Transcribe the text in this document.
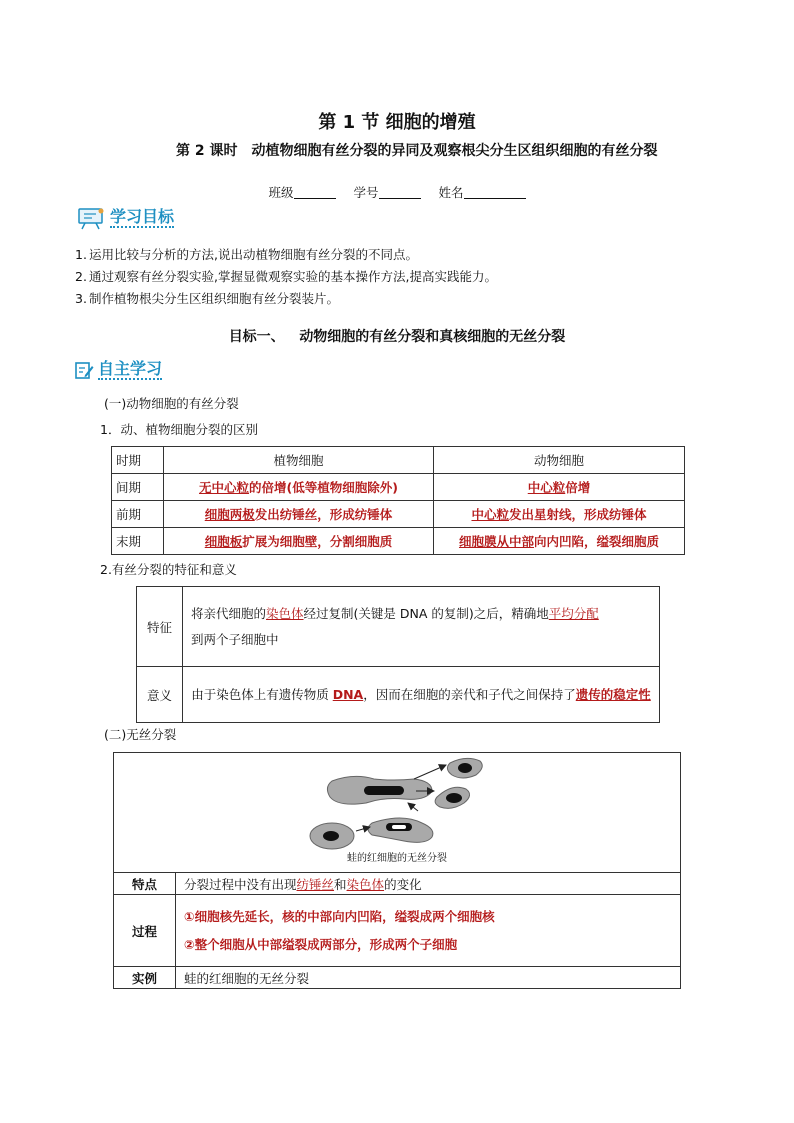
第 1 节 细胞的增殖
第 2 课时 动植物细胞有丝分裂的异同及观察根尖分生区组织细胞的有丝分裂
班级	学号	姓名
学习目标
1. 运用比较与分析的方法,说出动植物细胞有丝分裂的不同点。
2. 通过观察有丝分裂实验,掌握显微观察实验的基本操作方法,提高实践能力。
3. 制作植物根尖分生区组织细胞有丝分裂装片。
目标一、 动物细胞的有丝分裂和真核细胞的无丝分裂
自主学习
(一)动物细胞的有丝分裂
1．动、植物细胞分裂的区别
时期	植物细胞	动物细胞
间期	无中心粒的倍增(低等植物细胞除外)	中心粒倍增
前期	细胞两极发出纺锤丝，形成纺锤体	中心粒发出星射线，形成纺锤体
末期	细胞板扩展为细胞壁，分割细胞质	细胞膜从中部向内凹陷，缢裂细胞质
2.有丝分裂的特征和意义
特征	将亲代细胞的染色体经过复制(关键是 DNA 的复制)之后，精确地平均分配
到两个子细胞中
意义	由于染色体上有遗传物质 DNA，因而在细胞的亲代和子代之间保持了遗传的稳定性
(二)无丝分裂
蛙的红细胞的无丝分裂	

特点	分裂过程中没有出现纺锤丝和染色体的变化
过程	①细胞核先延长，核的中部向内凹陷，缢裂成两个细胞核
②整个细胞从中部缢裂成两部分，形成两个子细胞

实例	蛙的红细胞的无丝分裂
